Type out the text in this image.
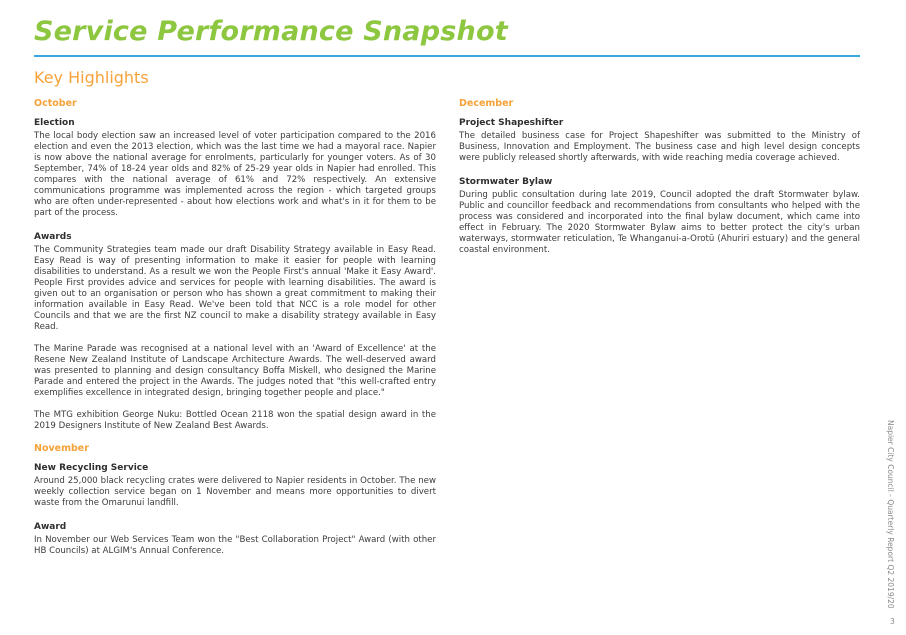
Service Performance Snapshot
Key Highlights
October
Election

The local body election saw an increased level of voter participation compared to the 2016 election and even the 2013 election, which was the last time we had a mayoral race. Napier is now above the national average for enrolments, particularly for younger voters. As of 30 September, 74% of 18-24 year olds and 82% of 25-29 year olds in Napier had enrolled. This compares with the national average of 61% and 72% respectively. An extensive communications programme was implemented across the region - which targeted groups who are often under-represented - about how elections work and what's in it for them to be part of the process.

Awards

The Community Strategies team made our draft Disability Strategy available in Easy Read. Easy Read is way of presenting information to make it easier for people with learning disabilities to understand. As a result we won the People First's annual 'Make it Easy Award'. People First provides advice and services for people with learning disabilities. The award is given out to an organisation or person who has shown a great commitment to making their information available in Easy Read. We've been told that NCC is a role model for other Councils and that we are the first NZ council to make a disability strategy available in Easy Read.

The Marine Parade was recognised at a national level with an 'Award of Excellence' at the Resene New Zealand Institute of Landscape Architecture Awards. The well-deserved award was presented to planning and design consultancy Boffa Miskell, who designed the Marine Parade and entered the project in the Awards. The judges noted that "this well-crafted entry exemplifies excellence in integrated design, bringing together people and place."

The MTG exhibition George Nuku: Bottled Ocean 2118 won the spatial design award in the 2019 Designers Institute of New Zealand Best Awards.

November
New Recycling Service

Around 25,000 black recycling crates were delivered to Napier residents in October. The new weekly collection service began on 1 November and means more opportunities to divert waste from the Omarunui landfill.

Award

In November our Web Services Team won the "Best Collaboration Project" Award (with other HB Councils) at ALGIM's Annual Conference.

December
Project Shapeshifter

The detailed business case for Project Shapeshifter was submitted to the Ministry of Business, Innovation and Employment. The business case and high level design concepts were publicly released shortly afterwards, with wide reaching media coverage achieved.

Stormwater Bylaw

During public consultation during late 2019, Council adopted the draft Stormwater bylaw. Public and councillor feedback and recommendations from consultants who helped with the process was considered and incorporated into the final bylaw document, which came into effect in February. The 2020 Stormwater Bylaw aims to better protect the city's urban waterways, stormwater reticulation, Te Whanganui-a-Orotū (Ahuriri estuary) and the general coastal environment.

Napier City Council - Quarterly Report Q2 2019/20
3
